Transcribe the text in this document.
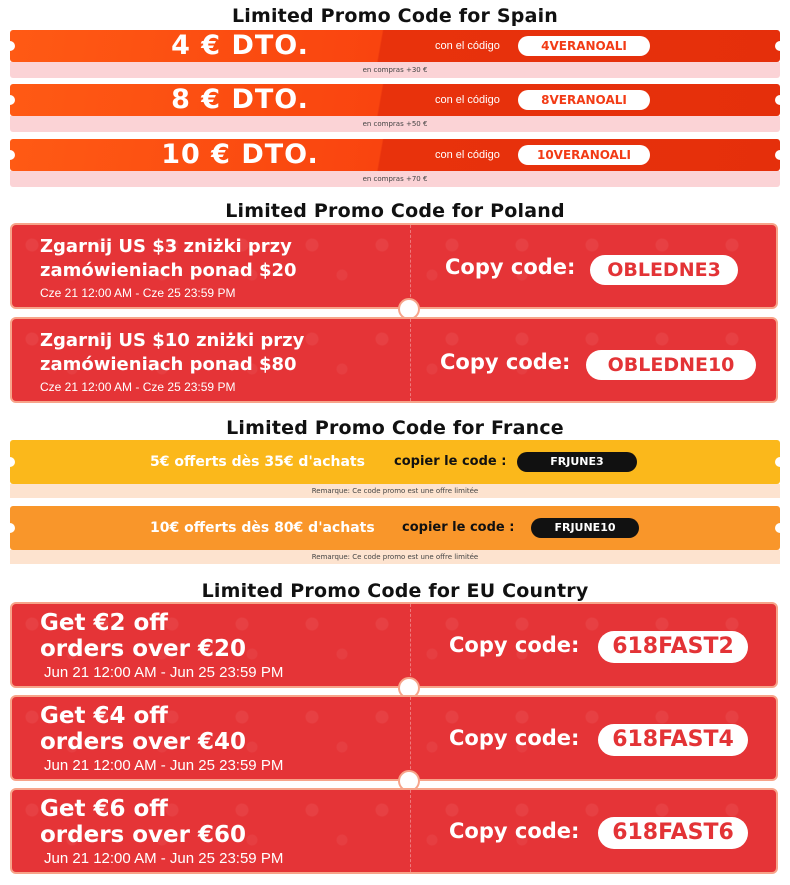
Limited Promo Code for Spain
4 € DTO.	con el código	4VERANOALI
en compras +30 €
8 € DTO.	con el código	8VERANOALI
en compras +50 €
10 € DTO.	con el código	10VERANOALI
en compras +70 €
Limited Promo Code for Poland
Zgarnij US $3 zniżki przy
zamówieniach ponad $20
Cze 21 12:00 AM - Cze 25 23:59 PM
Copy code:	OBLEDNE3
Zgarnij US $10 zniżki przy
zamówieniach ponad $80
Cze 21 12:00 AM - Cze 25 23:59 PM
Copy code:	OBLEDNE10
Limited Promo Code for France
5€ offerts dès 35€ d'achats copier le code :	FRJUNE3
Remarque: Ce code promo est une offre limitée
10€ offerts dès 80€ d'achats copier le code :	FRJUNE10
Remarque: Ce code promo est une offre limitée
Limited Promo Code for EU Country
Get €2 off
orders over €20
Jun 21 12:00 AM - Jun 25 23:59 PM
Copy code:	618FAST2
Get €4 off
orders over €40
Jun 21 12:00 AM - Jun 25 23:59 PM
Copy code:	618FAST4
Get €6 off
orders over €60
Jun 21 12:00 AM - Jun 25 23:59 PM
Copy code:	618FAST6
